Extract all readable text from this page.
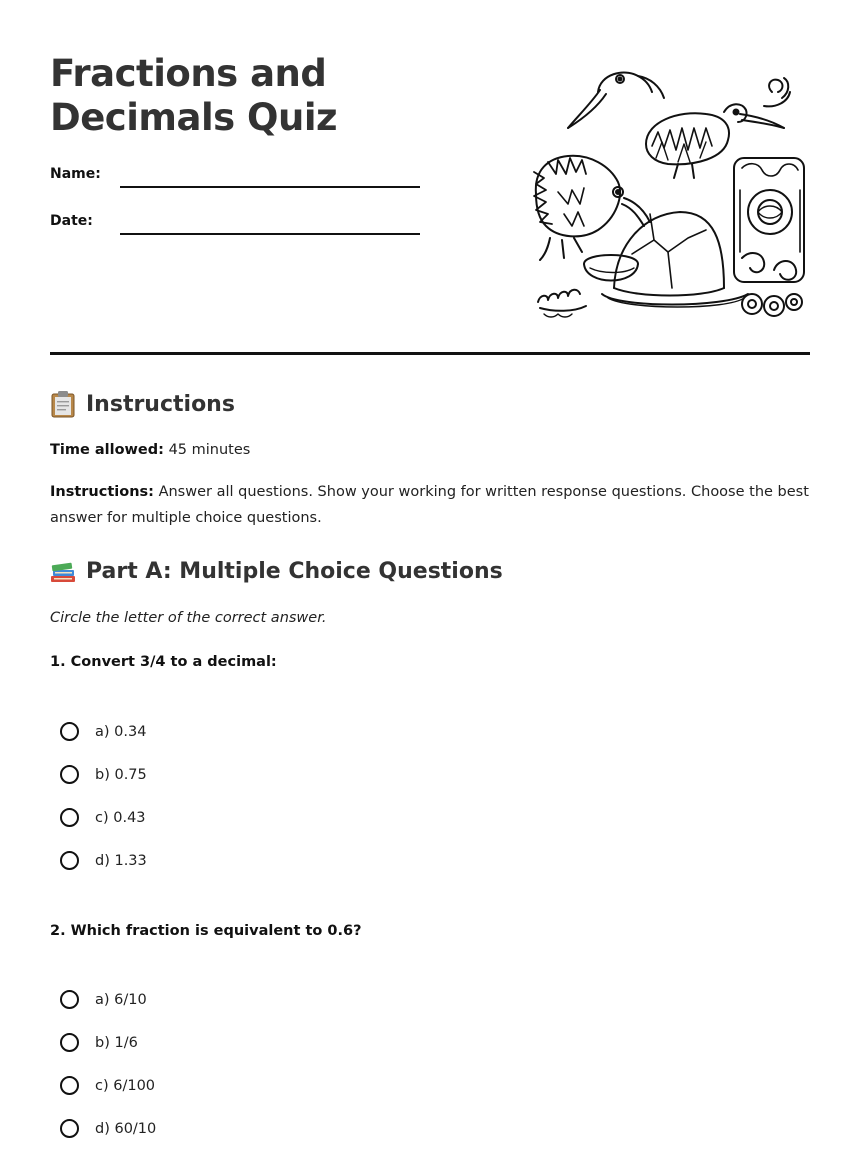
Fractions and Decimals Quiz
Name:
Date:
Instructions

Time allowed: 45 minutes

Instructions: Answer all questions. Show your working for written response questions. Choose the best answer for multiple choice questions.

Part A: Multiple Choice Questions

Circle the letter of the correct answer.

1. Convert 3/4 to a decimal:

a) 0.34
b) 0.75
c) 0.43
d) 1.33

2. Which fraction is equivalent to 0.6?

a) 6/10
b) 1/6
c) 6/100
d) 60/10
